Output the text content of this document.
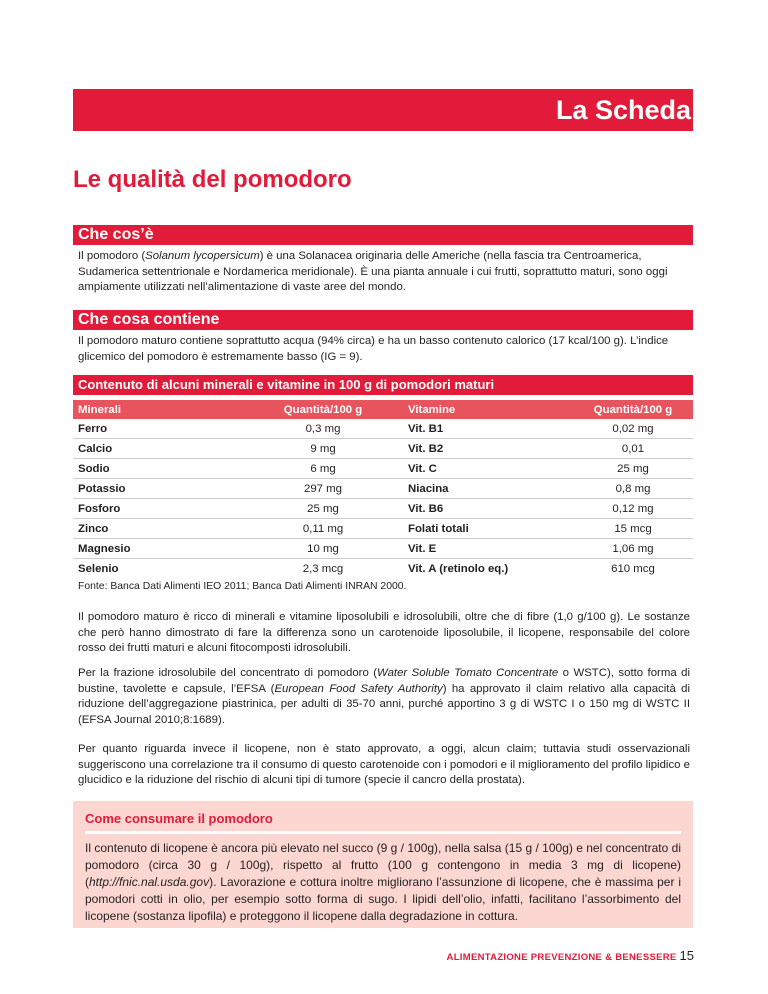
La Scheda
Le qualità del pomodoro
Che cos’è

Il pomodoro (Solanum lycopersicum) è una Solanacea originaria delle Americhe (nella fascia tra Centroamerica, Sudamerica settentrionale e Nordamerica meridionale). È una pianta annuale i cui frutti, soprattutto maturi, sono oggi ampiamente utilizzati nell’alimentazione di vaste aree del mondo.

Che cosa contiene

Il pomodoro maturo contiene soprattutto acqua (94% circa) e ha un basso contenuto calorico (17 kcal/100 g). L’indice glicemico del pomodoro è estremamente basso (IG = 9).

Contenuto di alcuni minerali e vitamine in 100 g di pomodori maturi
Minerali	Quantità/100 g	Vitamine	Quantità/100 g
Ferro	0,3 mg	Vit. B1	0,02 mg
Calcio	9 mg	Vit. B2	0,01
Sodio	6 mg	Vit. C	25 mg
Potassio	297 mg	Niacina	0,8 mg
Fosforo	25 mg	Vit. B6	0,12 mg
Zinco	0,11 mg	Folati totali	15 mcg
Magnesio	10 mg	Vit. E	1,06 mg
Selenio	2,3 mcg	Vit. A (retinolo eq.)	610 mcg
Fonte: Banca Dati Alimenti IEO 2011; Banca Dati Alimenti INRAN 2000.

Il pomodoro maturo è ricco di minerali e vitamine liposolubili e idrosolubili, oltre che di fibre (1,0 g/100 g). Le sostanze che però hanno dimostrato di fare la differenza sono un carotenoide liposolubile, il licopene, responsabile del colore rosso dei frutti maturi e alcuni fitocomposti idrosolubili.

Per la frazione idrosolubile del concentrato di pomodoro (Water Soluble Tomato Concentrate o WSTC), sotto forma di bustine, tavolette e capsule, l’EFSA (European Food Safety Authority) ha approvato il claim relativo alla capacità di riduzione dell’aggregazione piastrinica, per adulti di 35-70 anni, purché apportino 3 g di WSTC I o 150 mg di WSTC II (EFSA Journal 2010;8:1689).

Per quanto riguarda invece il licopene, non è stato approvato, a oggi, alcun claim; tuttavia studi osservazionali suggeriscono una correlazione tra il consumo di questo carotenoide con i pomodori e il miglioramento del profilo lipidico e glucidico e la riduzione del rischio di alcuni tipi di tumore (specie il cancro della prostata).

Come consumare il pomodoro

Il contenuto di licopene è ancora più elevato nel succo (9 g / 100g), nella salsa (15 g / 100g) e nel concentrato di pomodoro (circa 30 g / 100g), rispetto al frutto (100 g contengono in media 3 mg di licopene) (http://fnic.nal.usda.gov). Lavorazione e cottura inoltre migliorano l’assunzione di licopene, che è massima per i pomodori cotti in olio, per esempio sotto forma di sugo. I lipidi dell’olio, infatti, facilitano l’assorbimento del licopene (sostanza lipofila) e proteggono il licopene dalla degradazione in cottura.

ALIMENTAZIONE PREVENZIONE & BENESSERE 15
